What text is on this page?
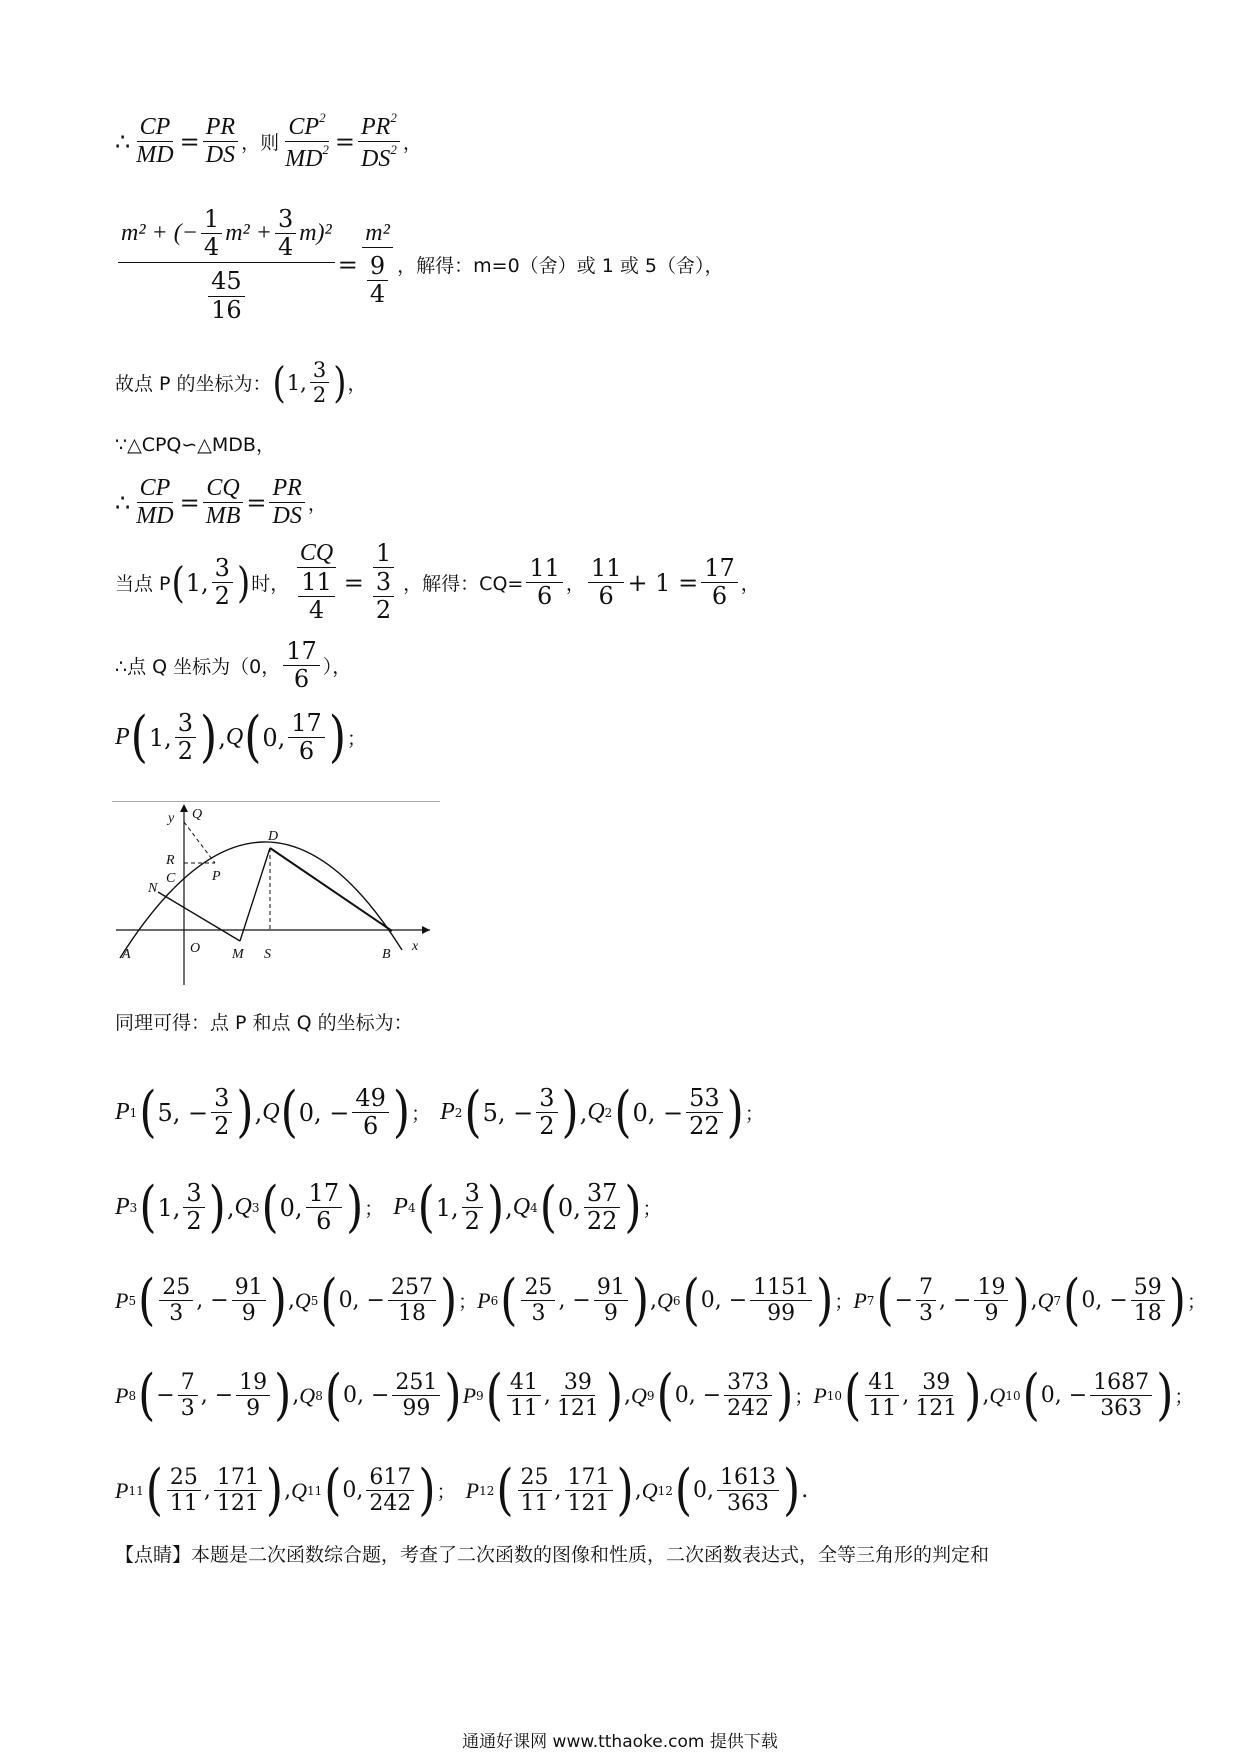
∴ $\frac{CP}{MD} = \frac{PR}{DS}$ ，则 $\frac{CP^2}{MD^2} = \frac{PR^2}{DS^2}$ ，
$\frac{m^2 + (- \frac{1}{4} m^2 + \frac{3}{4} m)^2}{\frac{45}{16}} = \frac{\text{m²}}{\frac{9}{4}}$ ，解得：m=0（舍）或 1 或 5（舍），
故点 P 的坐标为： ( 1, $\frac{3}{2}$ ) ，
∵△CPQ∽△MDB，
∴ $\frac{CP}{MD} = \frac{CQ}{MB} = \frac{PR}{DS}$ ，
当点 P ( 1, $\frac{3}{2}$ ) 时， $\frac{CQ}{\frac{11}{4}} = \frac{1}{\frac{3}{2}}$ ，解得：$CQ= \frac{11}{6}$ ， $\frac{11}{6} + 1 = \frac{17}{6}$ ，
∴点 Q 坐标为（0， $\frac{17}{6}$ ），
P ( 1, $\frac{3}{2}$ ) , Q ( 0, $\frac{17}{6}$ ) ；
y Q
R
C	P
N
D
A	O M S	B
x
同理可得：点 P 和点 Q 的坐标为：
P 1 ( 5, − $\frac{3}{2}$ ) , Q ( 0, − $\frac{49}{6}$ ) ； P 2 ( 5, − $\frac{3}{2}$ ) , Q 2 ( 0, − $\frac{53}{22}$ ) ；
P 3 ( 1, $\frac{3}{2}$ ) , Q 3 ( 0, $\frac{17}{6}$ ) ； P 4 ( 1, $\frac{3}{2}$ ) , Q 4 ( 0, $\frac{37}{22}$ ) ；
P 5 ( $\frac{25}{3}$ , − $\frac{91}{9}$ ) , Q 5 ( 0, − $\frac{257}{18}$ ) ； P 6 ( $\frac{25}{3}$ , − $\frac{91}{9}$ ) , Q 6 ( 0, − $\frac{1151}{99}$ ) ； P 7 ( − $\frac{7}{3}$ , − $\frac{19}{9}$ ) , Q 7 ( 0, − $\frac{59}{18}$ ) ；
P 8 ( − $\frac{7}{3}$ , − $\frac{19}{9}$ ) , Q 8 ( 0, − $\frac{251}{99}$ ) P 9 ( $\frac{41}{11}$ , $\frac{39}{121}$ ) , Q 9 ( 0, − $\frac{373}{242}$ ) ； P 10 ( $\frac{41}{11}$ , $\frac{39}{121}$ ) , Q 10 ( 0, − $\frac{1687}{363}$ ) ；
P 11 ( $\frac{25}{11}$ , $\frac{171}{121}$ ) , Q 11 ( 0, $\frac{617}{242}$ ) ； P 12 ( $\frac{25}{11}$ , $\frac{171}{121}$ ) , Q 12 ( 0, $\frac{1613}{363}$ ) .
【点睛】本题是二次函数综合题，考查了二次函数的图像和性质，二次函数表达式，全等三角形的判定和
通通好课网 www.tthaoke.com 提供下载
